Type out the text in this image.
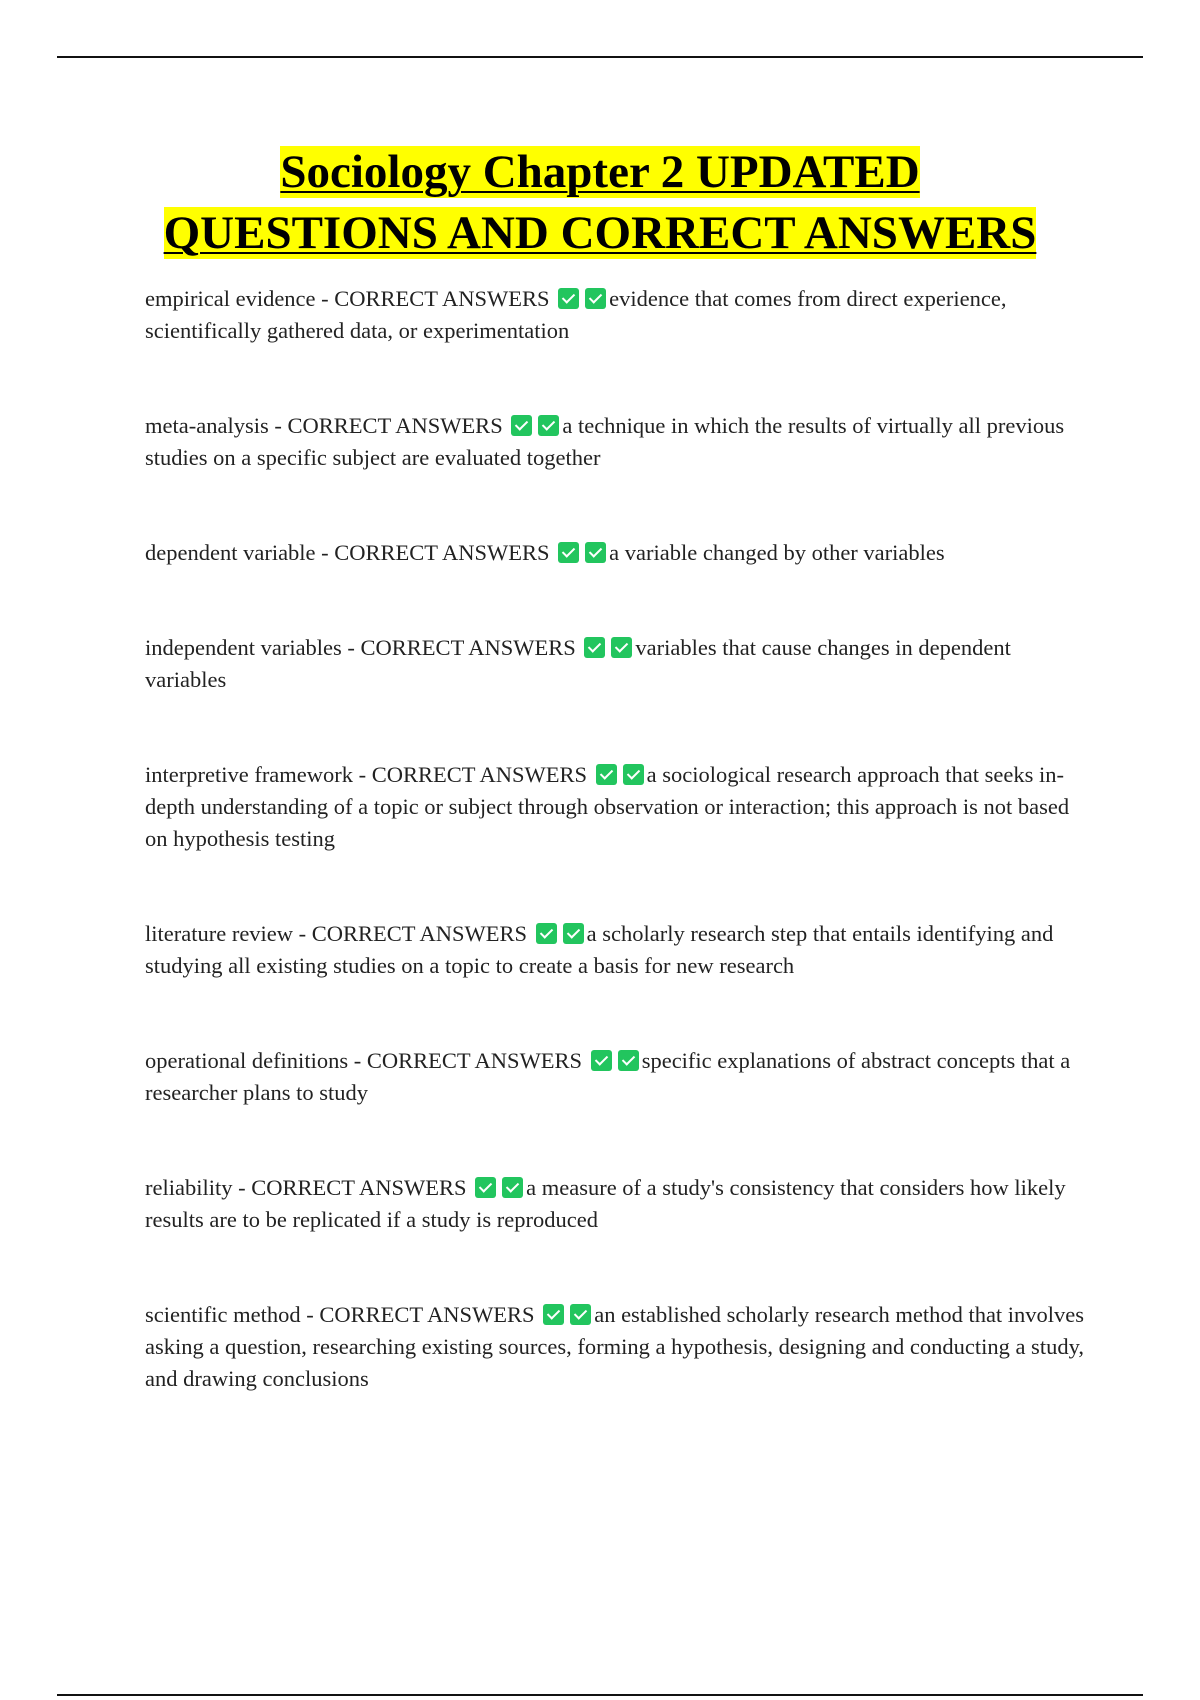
Sociology Chapter 2 UPDATED
QUESTIONS AND CORRECT ANSWERS

empirical evidence - CORRECT ANSWERS	evidence that comes from direct experience, scientifically gathered data, or experimentation

meta-analysis - CORRECT ANSWERS	a technique in which the results of virtually all previous studies on a specific subject are evaluated together

dependent variable - CORRECT ANSWERS	a variable changed by other variables

independent variables - CORRECT ANSWERS	variables that cause changes in dependent variables

interpretive framework - CORRECT ANSWERS	a sociological research approach that seeks in-depth understanding of a topic or subject through observation or interaction; this approach is not based on hypothesis testing

literature review - CORRECT ANSWERS	a scholarly research step that entails identifying and studying all existing studies on a topic to create a basis for new research

operational definitions - CORRECT ANSWERS	specific explanations of abstract concepts that a researcher plans to study

reliability - CORRECT ANSWERS	a measure of a study's consistency that considers how likely results are to be replicated if a study is reproduced

scientific method - CORRECT ANSWERS	an established scholarly research method that involves asking a question, researching existing sources, forming a hypothesis, designing and conducting a study, and drawing conclusions
